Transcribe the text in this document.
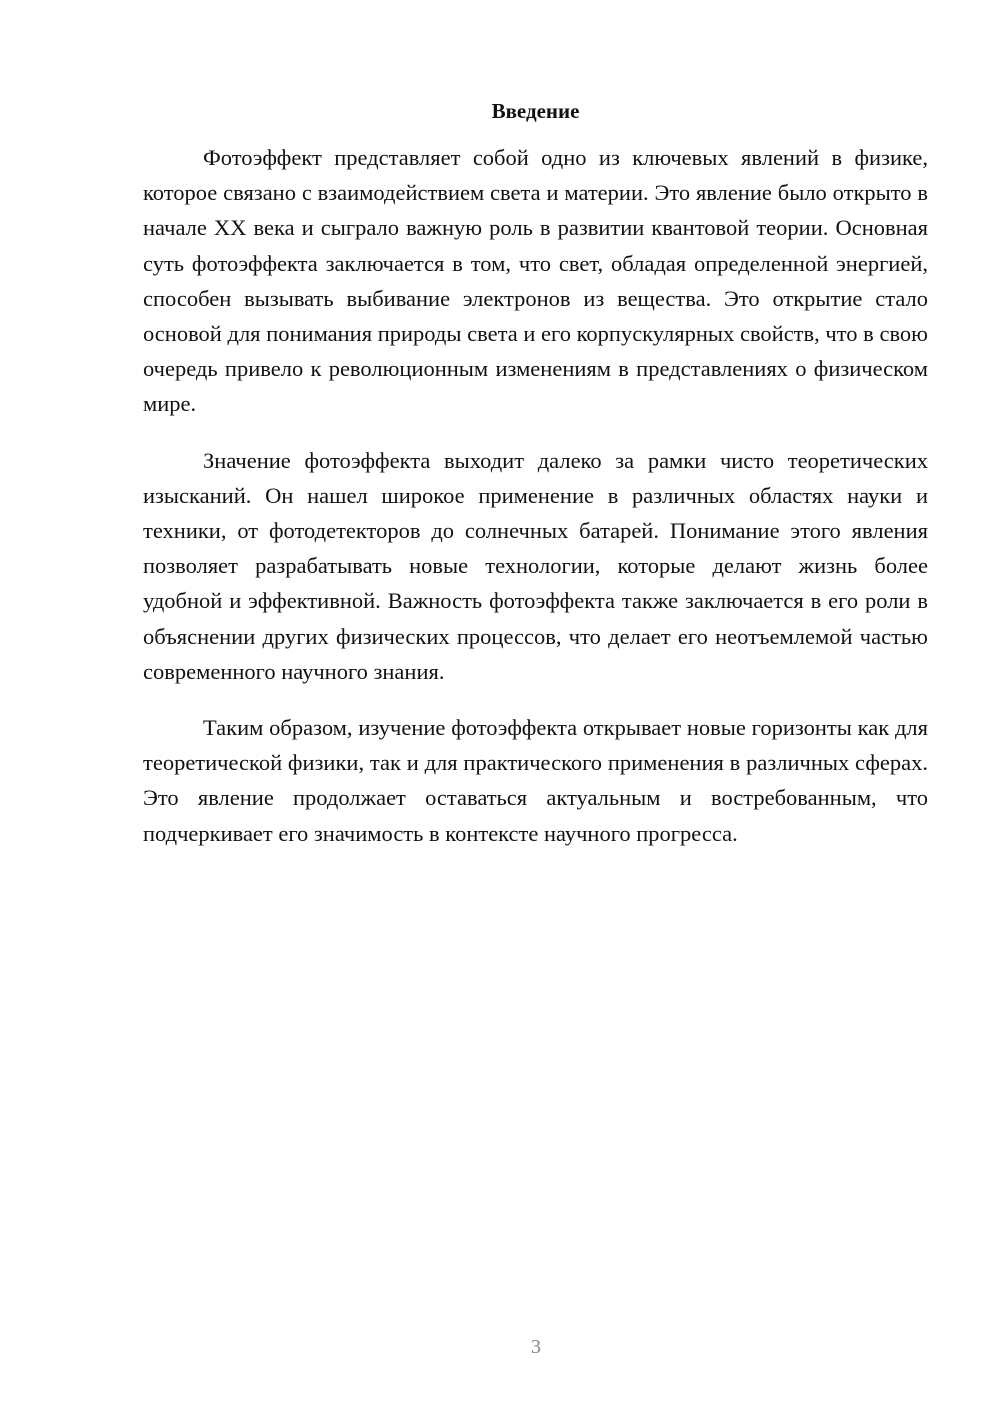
Введение

Фотоэффект представляет собой одно из ключевых явлений в физике, которое связано с взаимодействием света и материи. Это явление было открыто в начале XX века и сыграло важную роль в развитии квантовой теории. Основная суть фотоэффекта заключается в том, что свет, обладая определенной энергией, способен вызывать выбивание электронов из вещества. Это открытие стало основой для понимания природы света и его корпускулярных свойств, что в свою очередь привело к революционным изменениям в представлениях о физическом мире.

Значение фотоэффекта выходит далеко за рамки чисто теоретических изысканий. Он нашел широкое применение в различных областях науки и техники, от фотодетекторов до солнечных батарей. Понимание этого явления позволяет разрабатывать новые технологии, которые делают жизнь более удобной и эффективной. Важность фотоэффекта также заключается в его роли в объяснении других физических процессов, что делает его неотъемлемой частью современного научного знания.

Таким образом, изучение фотоэффекта открывает новые горизонты как для теоретической физики, так и для практического применения в различных сферах. Это явление продолжает оставаться актуальным и востребованным, что подчеркивает его значимость в контексте научного прогресса.

3
